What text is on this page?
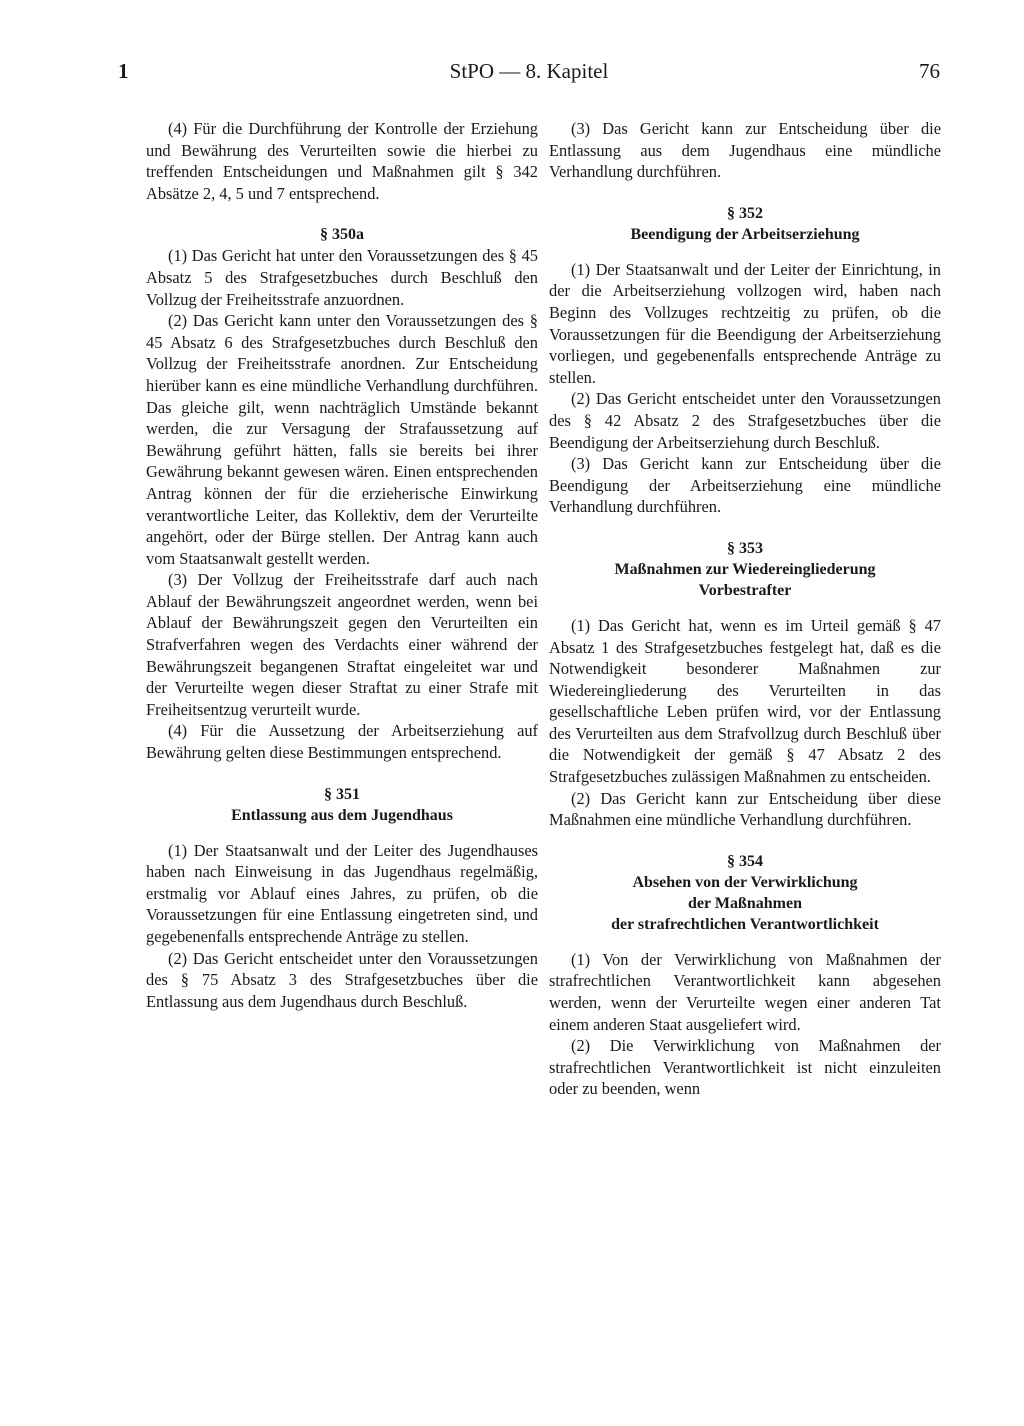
1	StPO — 8. Kapitel	76

(4) Für die Durchführung der Kontrolle der Erziehung und Bewährung des Verurteilten sowie die hierbei zu treffenden Entscheidungen und Maßnahmen gilt § 342 Absätze 2, 4, 5 und 7 entsprechend.

§ 350a

(1) Das Gericht hat unter den Voraussetzungen des § 45 Absatz 5 des Strafgesetzbuches durch Beschluß den Vollzug der Freiheitsstrafe anzuordnen.

(2) Das Gericht kann unter den Voraussetzungen des § 45 Absatz 6 des Strafgesetzbuches durch Beschluß den Vollzug der Freiheitsstrafe anordnen. Zur Entscheidung hierüber kann es eine mündliche Verhandlung durchführen. Das gleiche gilt, wenn nachträglich Umstände bekannt werden, die zur Versagung der Strafaussetzung auf Bewährung geführt hätten, falls sie bereits bei ihrer Gewährung bekannt gewesen wären. Einen entsprechenden Antrag können der für die erzieherische Einwirkung verantwortliche Leiter, das Kollektiv, dem der Verurteilte angehört, oder der Bürge stellen. Der Antrag kann auch vom Staatsanwalt gestellt werden.

(3) Der Vollzug der Freiheitsstrafe darf auch nach Ablauf der Bewährungszeit angeordnet werden, wenn bei Ablauf der Bewährungszeit gegen den Verurteilten ein Strafverfahren wegen des Verdachts einer während der Bewährungszeit begangenen Straftat eingeleitet war und der Verurteilte wegen dieser Straftat zu einer Strafe mit Freiheitsentzug verurteilt wurde.

(4) Für die Aussetzung der Arbeitserziehung auf Bewährung gelten diese Bestimmungen entsprechend.

§ 351
Entlassung aus dem Jugendhaus

(1) Der Staatsanwalt und der Leiter des Jugendhauses haben nach Einweisung in das Jugendhaus regelmäßig, erstmalig vor Ablauf eines Jahres, zu prüfen, ob die Voraussetzungen für eine Entlassung eingetreten sind, und gegebenenfalls entsprechende Anträge zu stellen.

(2) Das Gericht entscheidet unter den Voraussetzungen des § 75 Absatz 3 des Strafgesetzbuches über die Entlassung aus dem Jugendhaus durch Beschluß.

(3) Das Gericht kann zur Entscheidung über die Entlassung aus dem Jugendhaus eine mündliche Verhandlung durchführen.

§ 352
Beendigung der Arbeitserziehung

(1) Der Staatsanwalt und der Leiter der Einrichtung, in der die Arbeitserziehung vollzogen wird, haben nach Beginn des Vollzuges rechtzeitig zu prüfen, ob die Voraussetzungen für die Beendigung der Arbeitserziehung vorliegen, und gegebenenfalls entsprechende Anträge zu stellen.

(2) Das Gericht entscheidet unter den Voraussetzungen des § 42 Absatz 2 des Strafgesetzbuches über die Beendigung der Arbeitserziehung durch Beschluß.

(3) Das Gericht kann zur Entscheidung über die Beendigung der Arbeitserziehung eine mündliche Verhandlung durchführen.

§ 353
Maßnahmen zur Wiedereingliederung
Vorbestrafter

(1) Das Gericht hat, wenn es im Urteil gemäß § 47 Absatz 1 des Strafgesetzbuches festgelegt hat, daß es die Notwendigkeit besonderer Maßnahmen zur Wiedereingliederung des Verurteilten in das gesellschaftliche Leben prüfen wird, vor der Entlassung des Verurteilten aus dem Strafvollzug durch Beschluß über die Notwendigkeit der gemäß § 47 Absatz 2 des Strafgesetzbuches zulässigen Maßnahmen zu entscheiden.

(2) Das Gericht kann zur Entscheidung über diese Maßnahmen eine mündliche Verhandlung durchführen.

§ 354
Absehen von der Verwirklichung
der Maßnahmen
der strafrechtlichen Verantwortlichkeit

(1) Von der Verwirklichung von Maßnahmen der strafrechtlichen Verantwortlichkeit kann abgesehen werden, wenn der Verurteilte wegen einer anderen Tat einem anderen Staat ausgeliefert wird.

(2) Die Verwirklichung von Maßnahmen der strafrechtlichen Verantwortlichkeit ist nicht einzuleiten oder zu beenden, wenn
